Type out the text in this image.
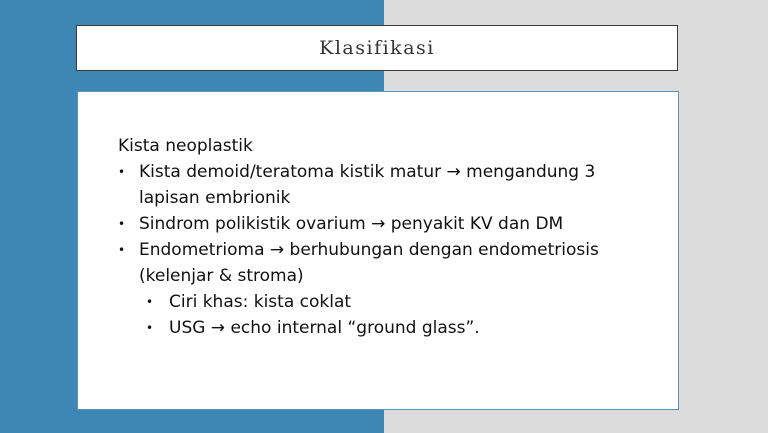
Klasifikasi
Kista neoplastik
• Kista demoid/teratoma kistik matur → mengandung 3
lapisan embrionik
• Sindrom polikistik ovarium → penyakit KV dan DM
• Endometrioma → berhubungan dengan endometriosis
(kelenjar & stroma)
• Ciri khas: kista coklat
• USG → echo internal “ground glass”.
